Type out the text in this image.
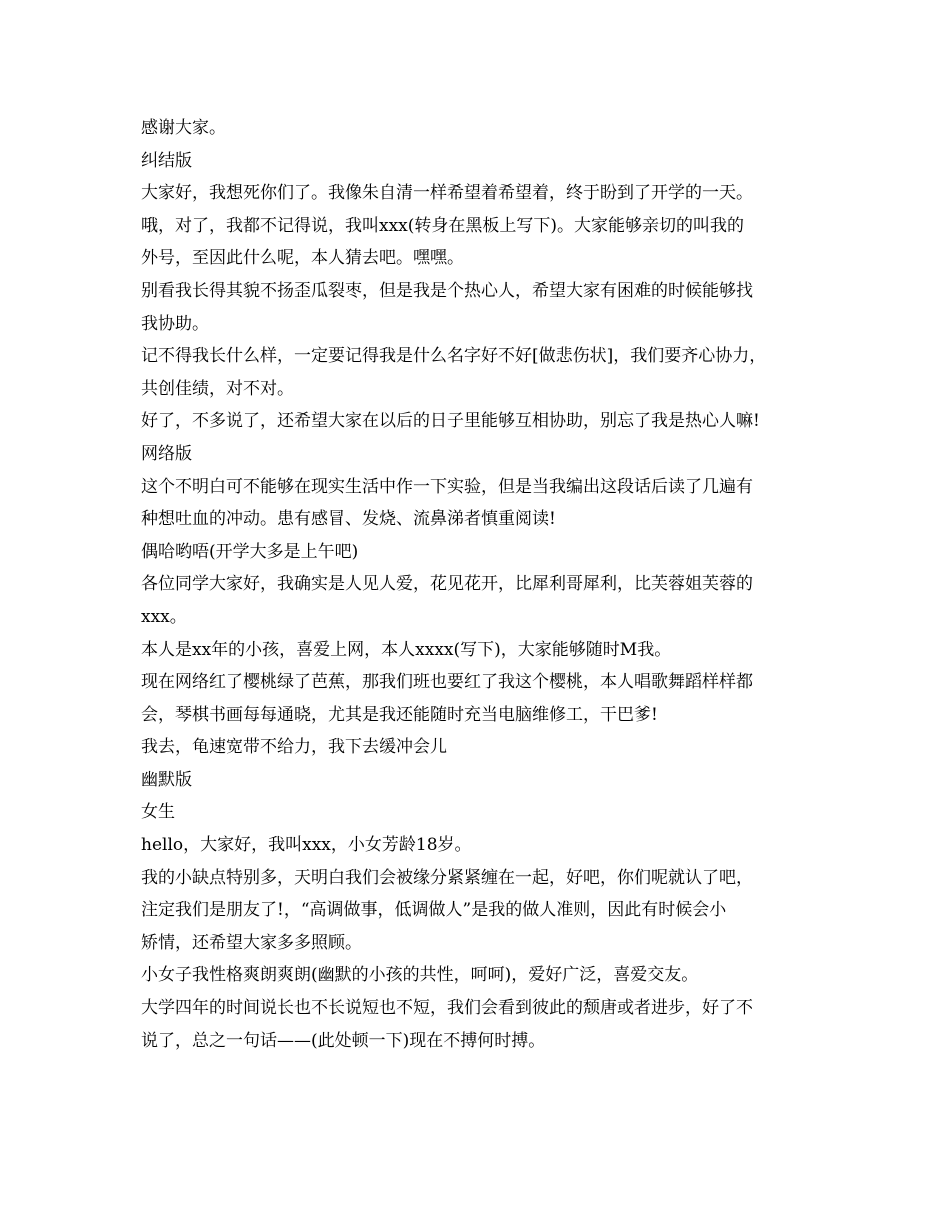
感谢大家。
纠结版
大家好，我想死你们了。我像朱自清一样希望着希望着，终于盼到了开学的一天。
哦，对了，我都不记得说，我叫xxx(转身在黑板上写下)。大家能够亲切的叫我的
外号，至因此什么呢，本人猜去吧。嘿嘿。
别看我长得其貌不扬歪瓜裂枣，但是我是个热心人，希望大家有困难的时候能够找
我协助。
记不得我长什么样，一定要记得我是什么名字好不好[做悲伤状]，我们要齐心协力，
共创佳绩，对不对。
好了，不多说了，还希望大家在以后的日子里能够互相协助，别忘了我是热心人嘛!
网络版
这个不明白可不能够在现实生活中作一下实验，但是当我编出这段话后读了几遍有
种想吐血的冲动。患有感冒、发烧、流鼻涕者慎重阅读!
偶哈哟唔(开学大多是上午吧)
各位同学大家好，我确实是人见人爱，花见花开，比犀利哥犀利，比芙蓉姐芙蓉的
xxx。
本人是xx年的小孩，喜爱上网，本人xxxx(写下)，大家能够随时M我。
现在网络红了樱桃绿了芭蕉，那我们班也要红了我这个樱桃，本人唱歌舞蹈样样都
会，琴棋书画每每通晓，尤其是我还能随时充当电脑维修工，干巴爹!
我去，龟速宽带不给力，我下去缓冲会儿
幽默版
女生
hello，大家好，我叫xxx，小女芳龄18岁。
我的小缺点特别多，天明白我们会被缘分紧紧缠在一起，好吧，你们呢就认了吧，
注定我们是朋友了!，“高调做事，低调做人”是我的做人准则，因此有时候会小
矫情，还希望大家多多照顾。
小女子我性格爽朗爽朗(幽默的小孩的共性，呵呵)，爱好广泛，喜爱交友。
大学四年的时间说长也不长说短也不短，我们会看到彼此的颓唐或者进步，好了不
说了，总之一句话——(此处顿一下)现在不搏何时搏。
